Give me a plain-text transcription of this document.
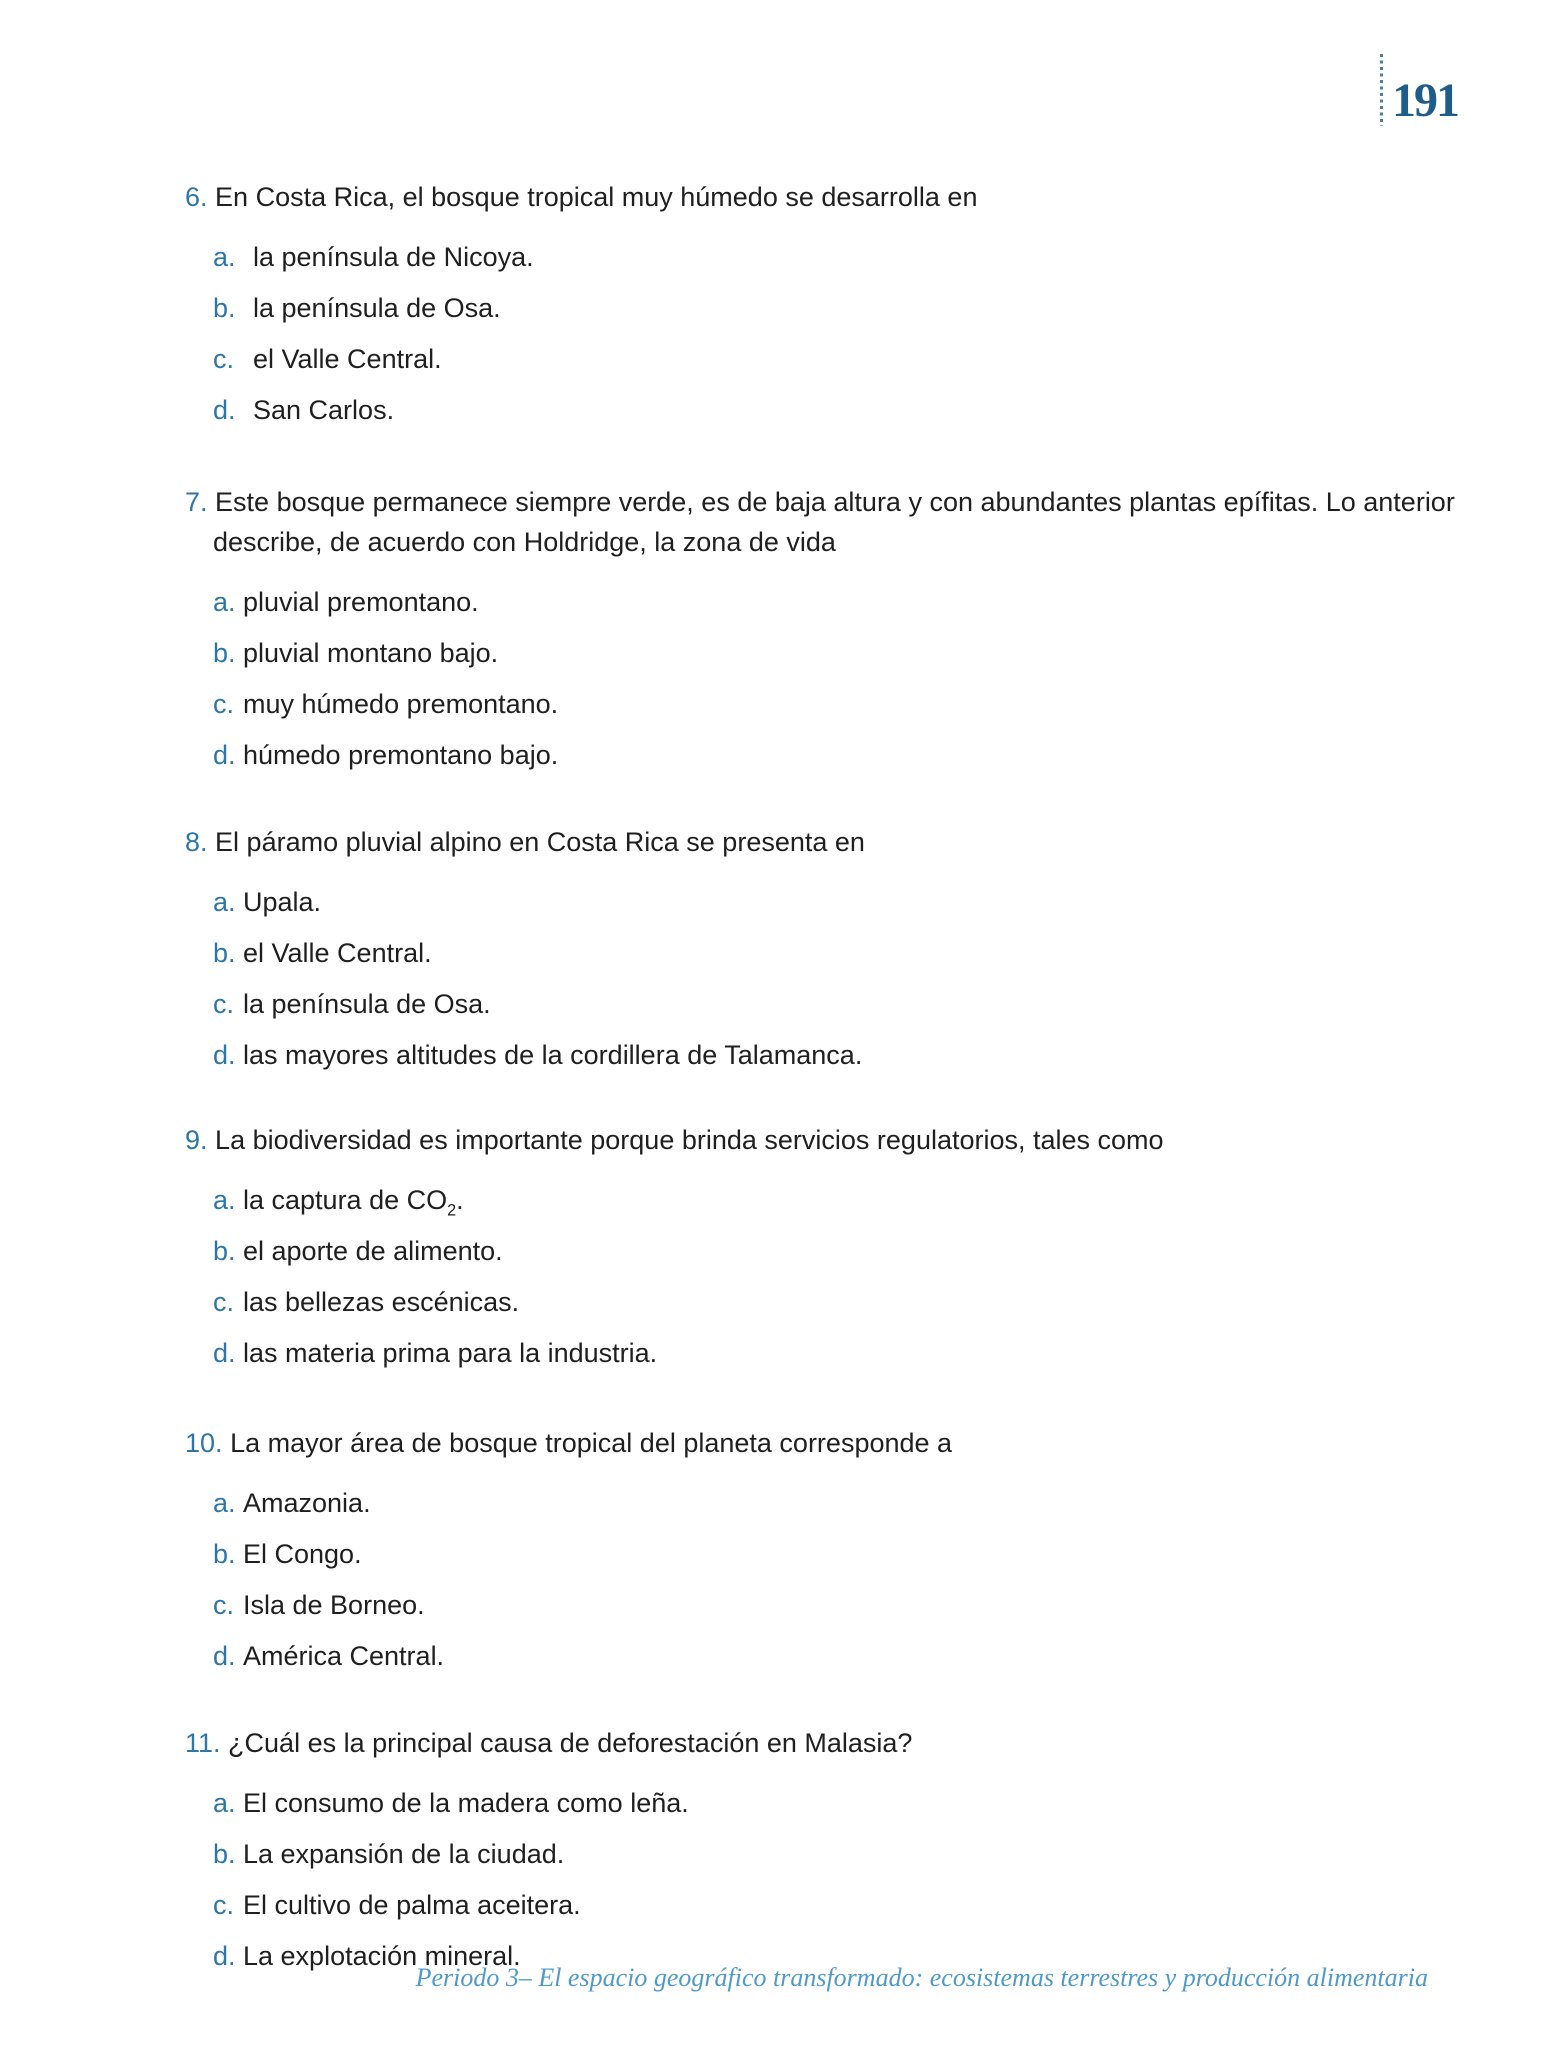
191

6. En Costa Rica, el bosque tropical muy húmedo se desarrolla en

a. la península de Nicoya.
b. la península de Osa.
c. el Valle Central.
d. San Carlos.

7. Este bosque permanece siempre verde, es de baja altura y con abundantes plantas epífitas. Lo anterior describe, de acuerdo con Holdridge, la zona de vida

a. pluvial premontano.
b. pluvial montano bajo.
c. muy húmedo premontano.
d. húmedo premontano bajo.

8. El páramo pluvial alpino en Costa Rica se presenta en

a. Upala.
b. el Valle Central.
c. la península de Osa.
d. las mayores altitudes de la cordillera de Talamanca.

9. La biodiversidad es importante porque brinda servicios regulatorios, tales como

a. la captura de $CO_2$.
b. el aporte de alimento.
c. las bellezas escénicas.
d. las materia prima para la industria.

10. La mayor área de bosque tropical del planeta corresponde a

a. Amazonia.
b. El Congo.
c. Isla de Borneo.
d. América Central.

11. ¿Cuál es la principal causa de deforestación en Malasia?

a. El consumo de la madera como leña.
b. La expansión de la ciudad.
c. El cultivo de palma aceitera.
d. La explotación mineral.
Periodo 3– El espacio geográfico transformado: ecosistemas terrestres y producción alimentaria
